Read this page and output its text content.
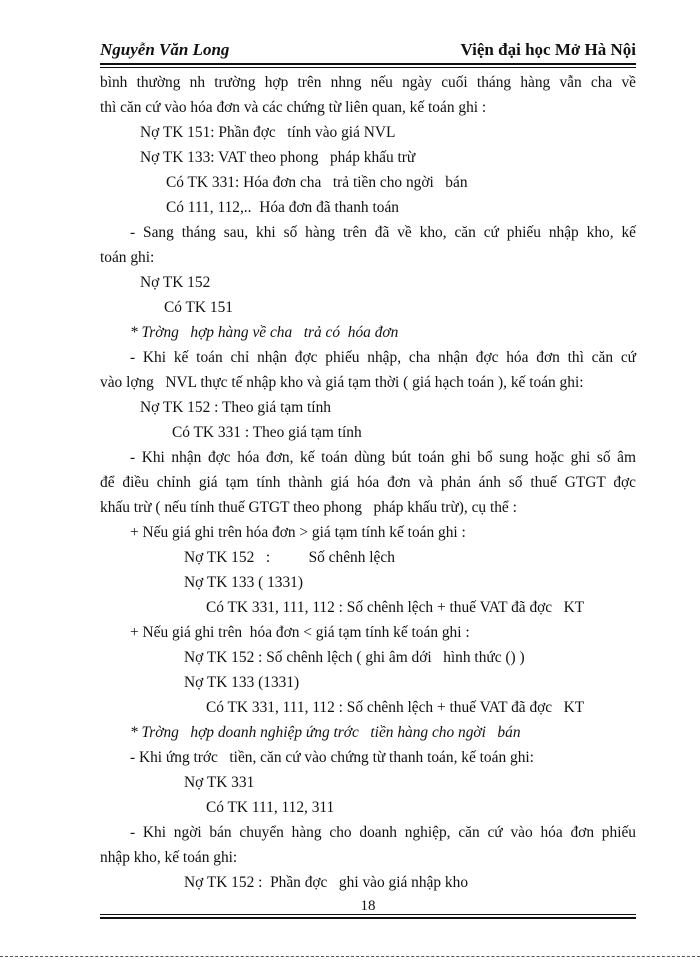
Nguyễn Văn Long	Viện đại học Mở Hà Nội
bình thường nh trường hợp trên nhng nếu ngày cuối tháng hàng vẫn cha về
thì căn cứ vào hóa đơn và các chứng từ liên quan, kế toán ghi :
Nợ TK 151: Phần đợc   tính vào giá NVL
Nợ TK 133: VAT theo phong   pháp khấu trừ
Có TK 331: Hóa đơn cha   trả tiền cho ngời   bán
Có 111, 112,..  Hóa đơn đã thanh toán
- Sang tháng sau, khi số hàng trên đã về kho, căn cứ phiếu nhập kho, kế
toán ghi:
Nợ TK 152
Có TK 151
* Trờng   hợp hàng về cha   trả có  hóa đơn
- Khi kế toán chỉ nhận đợc phiếu nhập, cha nhận đợc hóa đơn thì căn cứ
vào lợng   NVL thực tế nhập kho và giá tạm thời ( giá hạch toán ), kế toán ghi:
Nợ TK 152 : Theo giá tạm tính
Có TK 331 : Theo giá tạm tính
- Khi nhận đợc hóa đơn, kế toán dùng bút toán ghi bổ sung hoặc ghi số âm
để điều chỉnh giá tạm tính thành giá hóa đơn và phản ánh số thuế GTGT đợc
khấu trừ ( nếu tính thuế GTGT theo phong   pháp khấu trừ), cụ thể :
+ Nếu giá ghi trên hóa đơn > giá tạm tính kế toán ghi :
Nợ TK 152   :          Số chênh lệch
Nợ TK 133 ( 1331)
Có TK 331, 111, 112 : Số chênh lệch + thuế VAT đã đợc   KT
+ Nếu giá ghi trên  hóa đơn < giá tạm tính kế toán ghi :
Nợ TK 152 : Số chênh lệch ( ghi âm dới   hình thức () )
Nợ TK 133 (1331)
Có TK 331, 111, 112 : Số chênh lệch + thuế VAT đã đợc   KT
* Trờng   hợp doanh nghiệp ứng trớc   tiền hàng cho ngời   bán
- Khi ứng trớc   tiền, căn cứ vào chứng từ thanh toán, kế toán ghi:
Nợ TK 331
Có TK 111, 112, 311
- Khi ngời bán chuyển hàng cho doanh nghiệp, căn cứ vào hóa đơn phiếu
nhập kho, kế toán ghi:
Nợ TK 152 :  Phần đợc   ghi vào giá nhập kho
18
